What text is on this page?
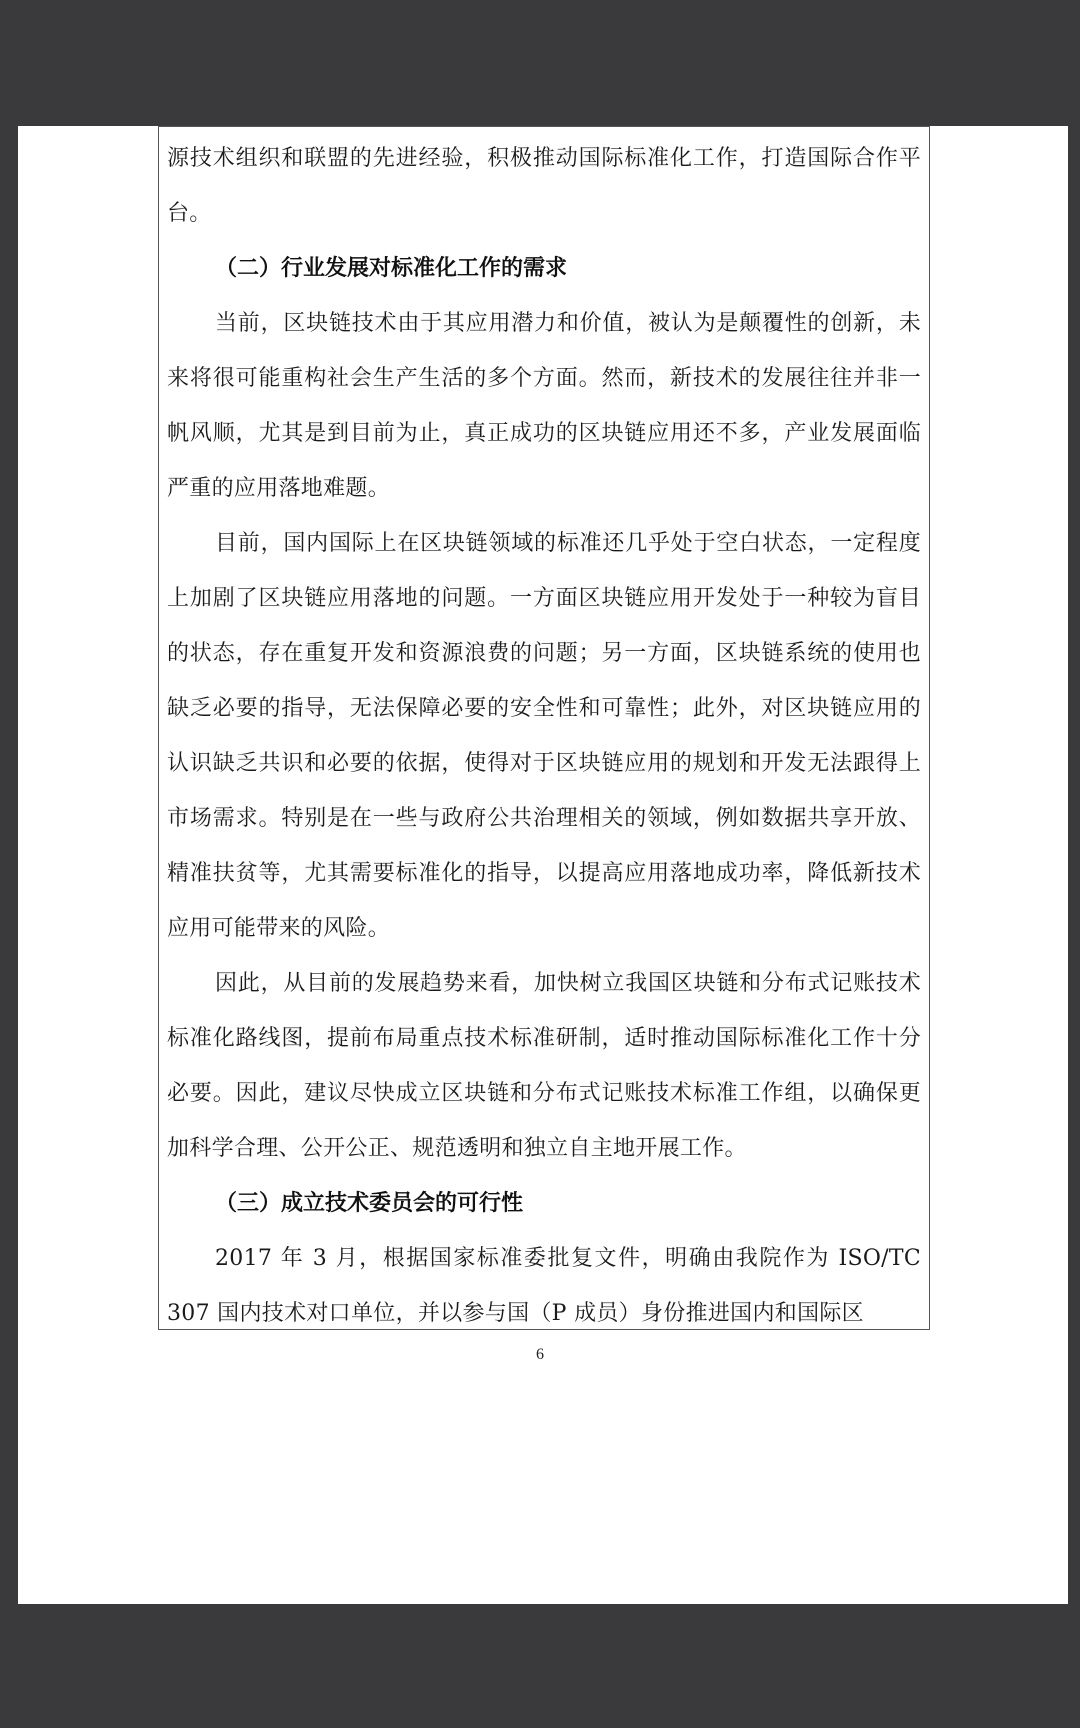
源技术组织和联盟的先进经验，积极推动国际标准化工作，打造国际合作平台。

（二）行业发展对标准化工作的需求

当前，区块链技术由于其应用潜力和价值，被认为是颠覆性的创新，未来将很可能重构社会生产生活的多个方面。然而，新技术的发展往往并非一帆风顺，尤其是到目前为止，真正成功的区块链应用还不多，产业发展面临严重的应用落地难题。

目前，国内国际上在区块链领域的标准还几乎处于空白状态，一定程度上加剧了区块链应用落地的问题。一方面区块链应用开发处于一种较为盲目的状态，存在重复开发和资源浪费的问题；另一方面，区块链系统的使用也缺乏必要的指导，无法保障必要的安全性和可靠性；此外，对区块链应用的认识缺乏共识和必要的依据，使得对于区块链应用的规划和开发无法跟得上市场需求。特别是在一些与政府公共治理相关的领域，例如数据共享开放、精准扶贫等，尤其需要标准化的指导，以提高应用落地成功率，降低新技术应用可能带来的风险。

因此，从目前的发展趋势来看，加快树立我国区块链和分布式记账技术标准化路线图，提前布局重点技术标准研制，适时推动国际标准化工作十分必要。因此，建议尽快成立区块链和分布式记账技术标准工作组，以确保更加科学合理、公开公正、规范透明和独立自主地开展工作。

（三）成立技术委员会的可行性

2017 年 3 月，根据国家标准委批复文件，明确由我院作为 ISO/TC 307 国内技术对口单位，并以参与国（P 成员）身份推进国内和国际区

6
